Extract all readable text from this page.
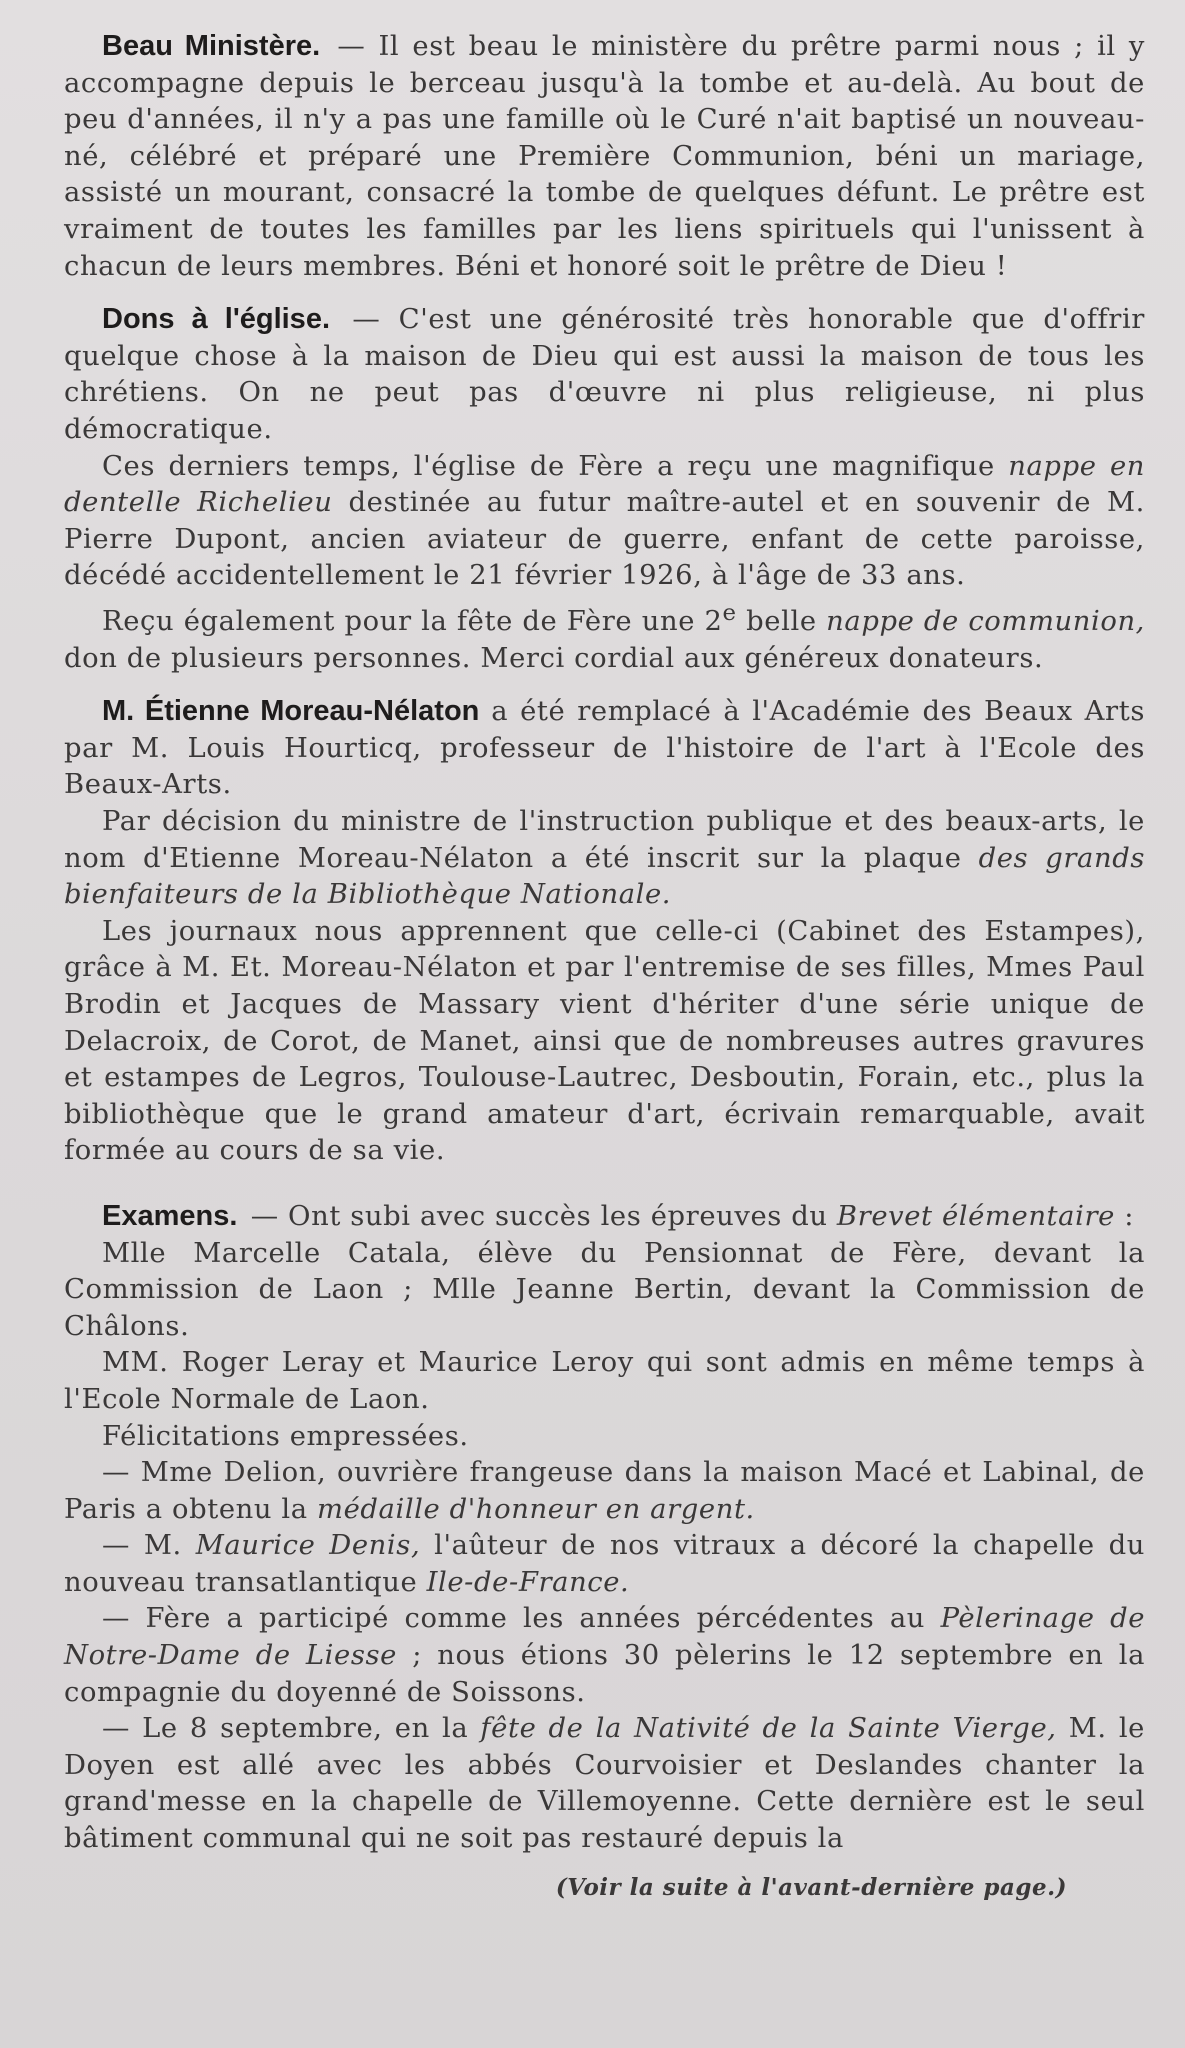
Beau Ministère. — Il est beau le ministère du prêtre parmi nous ; il y accompagne depuis le berceau jusqu'à la tombe et au-delà. Au bout de peu d'années, il n'y a pas une famille où le Curé n'ait baptisé un nouveau-né, célébré et préparé une Première Communion, béni un mariage, assisté un mourant, consacré la tombe de quelques défunt. Le prêtre est vraiment de toutes les familles par les liens spirituels qui l'unissent à chacun de leurs membres. Béni et honoré soit le prêtre de Dieu !

Dons à l'église. — C'est une générosité très honorable que d'offrir quelque chose à la maison de Dieu qui est aussi la maison de tous les chrétiens. On ne peut pas d'œuvre ni plus religieuse, ni plus démocratique.

Ces derniers temps, l'église de Fère a reçu une magnifique nappe en dentelle Richelieu destinée au futur maître-autel et en souvenir de M. Pierre Dupont, ancien aviateur de guerre, enfant de cette paroisse, décédé accidentellement le 21 février 1926, à l'âge de 33 ans.

Reçu également pour la fête de Fère une 2e belle nappe de communion, don de plusieurs personnes. Merci cordial aux généreux donateurs.

M. Étienne Moreau-Nélaton a été remplacé à l'Académie des Beaux Arts par M. Louis Hourticq, professeur de l'histoire de l'art à l'Ecole des Beaux-Arts.

Par décision du ministre de l'instruction publique et des beaux-arts, le nom d'Etienne Moreau-Nélaton a été inscrit sur la plaque des grands bienfaiteurs de la Bibliothèque Nationale.

Les journaux nous apprennent que celle-ci (Cabinet des Estampes), grâce à M. Et. Moreau-Nélaton et par l'entremise de ses filles, Mmes Paul Brodin et Jacques de Massary vient d'hériter d'une série unique de Delacroix, de Corot, de Manet, ainsi que de nombreuses autres gravures et estampes de Legros, Toulouse-Lautrec, Desboutin, Forain, etc., plus la bibliothèque que le grand amateur d'art, écrivain remarquable, avait formée au cours de sa vie.

Examens. — Ont subi avec succès les épreuves du Brevet élémentaire :

Mlle Marcelle Catala, élève du Pensionnat de Fère, devant la Commission de Laon ; Mlle Jeanne Bertin, devant la Commission de Châlons.

MM. Roger Leray et Maurice Leroy qui sont admis en même temps à l'Ecole Normale de Laon.

Félicitations empressées.

— Mme Delion, ouvrière frangeuse dans la maison Macé et Labinal, de Paris a obtenu la médaille d'honneur en argent.

— M. Maurice Denis, l'aûteur de nos vitraux a décoré la chapelle du nouveau transatlantique Ile-de-France.

— Fère a participé comme les années pércédentes au Pèlerinage de Notre-Dame de Liesse ; nous étions 30 pèlerins le 12 septembre en la compagnie du doyenné de Soissons.

— Le 8 septembre, en la fête de la Nativité de la Sainte Vierge, M. le Doyen est allé avec les abbés Courvoisier et Deslandes chanter la grand'messe en la chapelle de Villemoyenne. Cette dernière est le seul bâtiment communal qui ne soit pas restauré depuis la

(Voir la suite à l'avant-dernière page.)
